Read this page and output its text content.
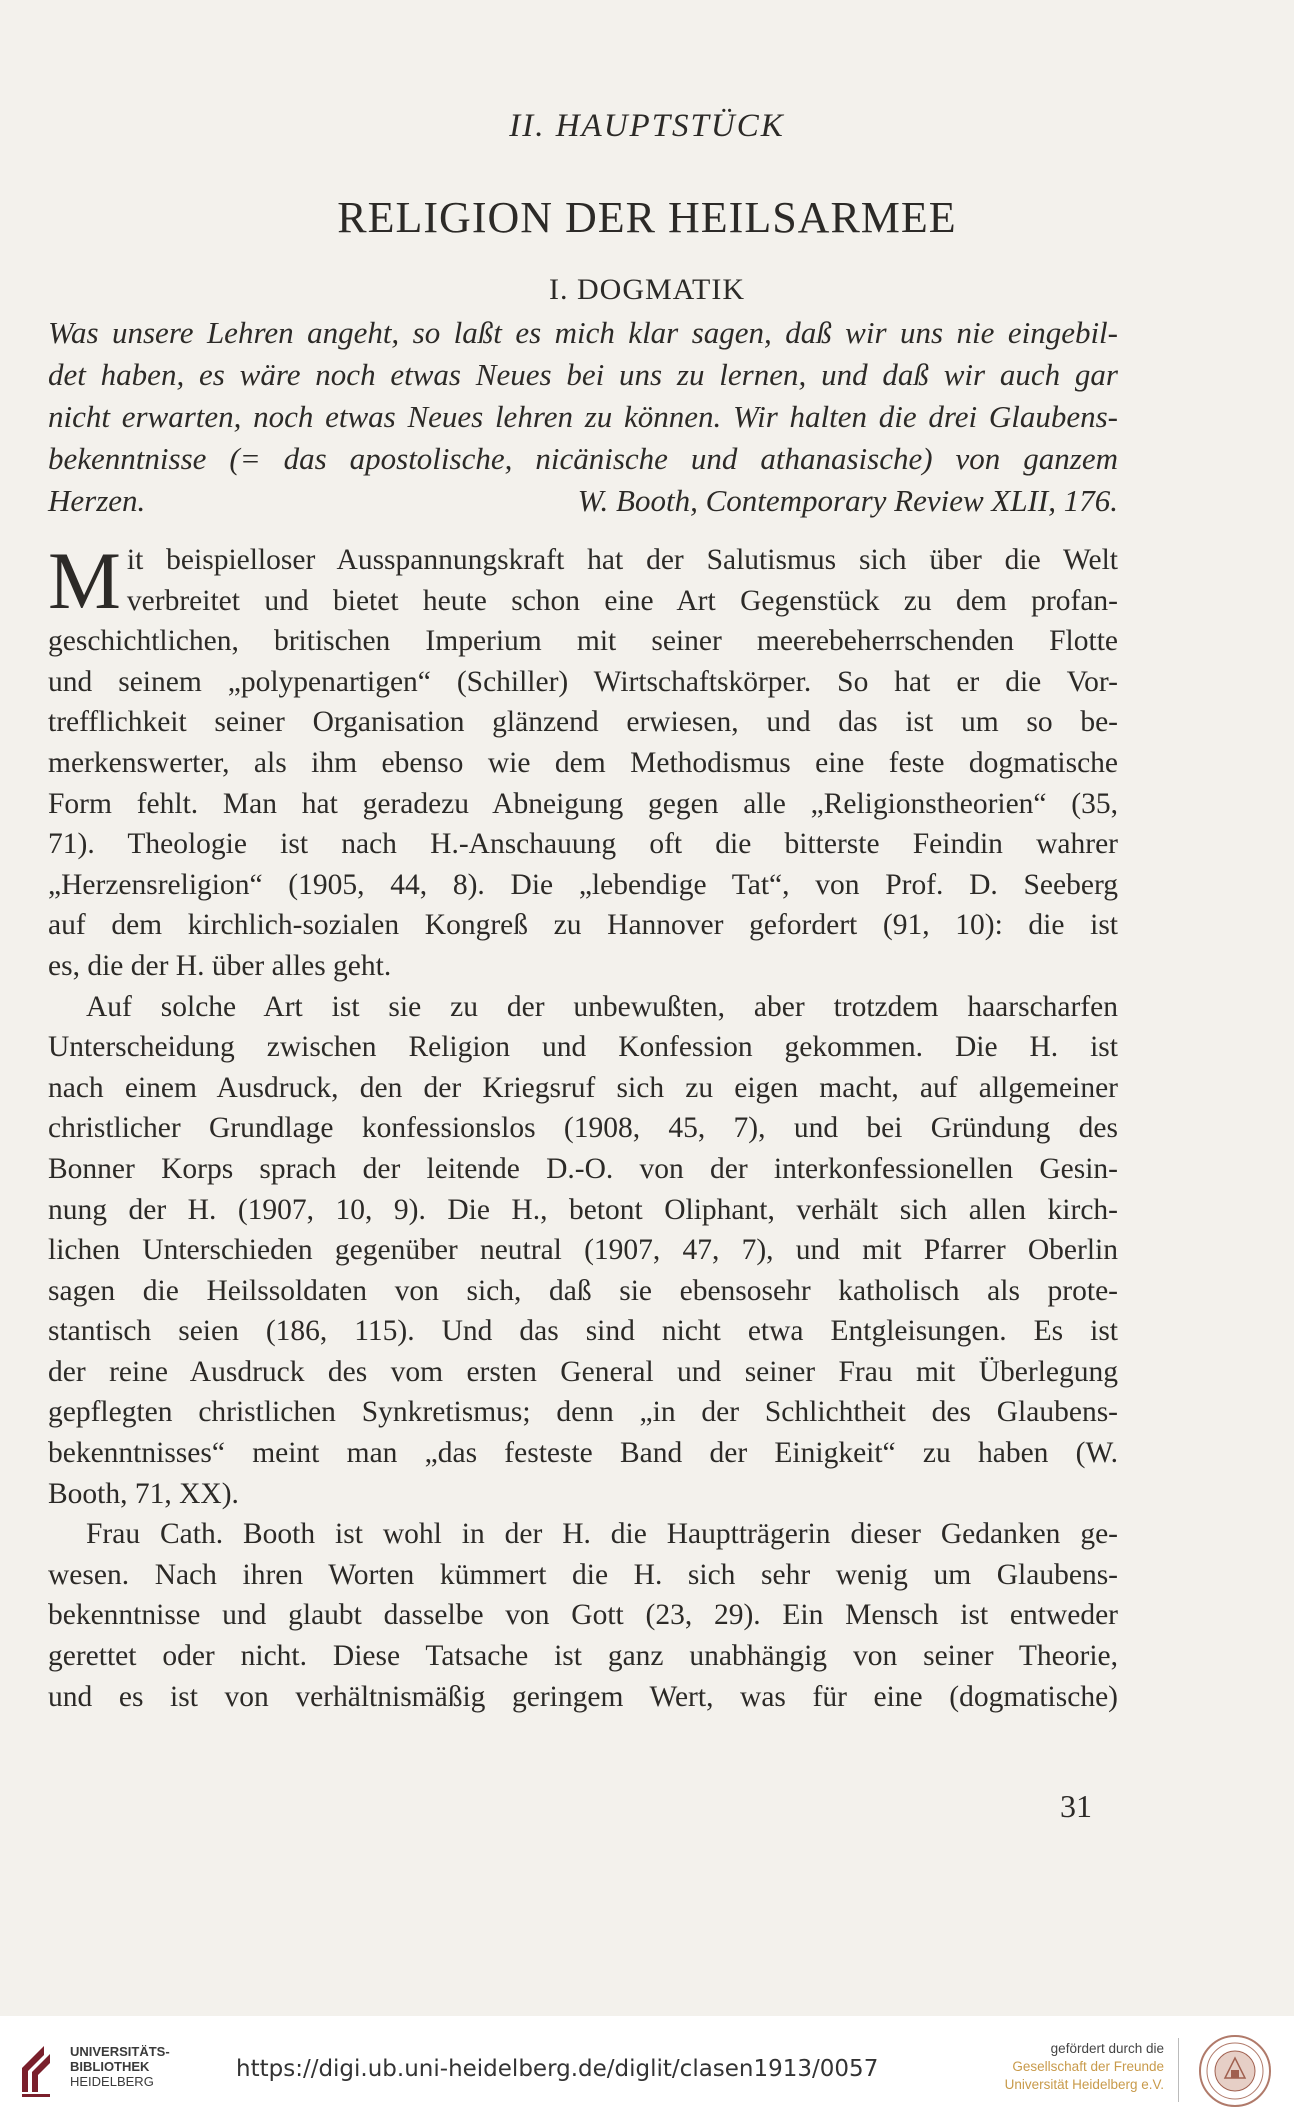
II. HAUPTSTÜCK
RELIGION DER HEILSARMEE
I. DOGMATIK
Was unsere Lehren angeht, so laßt es mich klar sagen, daß wir uns nie eingebil-
det haben, es wäre noch etwas Neues bei uns zu lernen, und daß wir auch gar
nicht erwarten, noch etwas Neues lehren zu können. Wir halten die drei Glaubens-
bekenntnisse (= das apostolische, nicänische und athanasische) von ganzem
Herzen.	W. Booth, Contemporary Review XLII, 176.
M it beispielloser Ausspannungskraft hat der Salutismus sich über die Welt
verbreitet und bietet heute schon eine Art Gegenstück zu dem profan-
geschichtlichen, britischen Imperium mit seiner meerebeherrschenden Flotte
und seinem „polypenartigen“ (Schiller) Wirtschaftskörper. So hat er die Vor-
trefflichkeit seiner Organisation glänzend erwiesen, und das ist um so be-
merkenswerter, als ihm ebenso wie dem Methodismus eine feste dogmatische
Form fehlt. Man hat geradezu Abneigung gegen alle „Religionstheorien“ (35,
71). Theologie ist nach H.-Anschauung oft die bitterste Feindin wahrer
„Herzensreligion“ (1905, 44, 8). Die „lebendige Tat“, von Prof. D. Seeberg
auf dem kirchlich-sozialen Kongreß zu Hannover gefordert (91, 10): die ist
es, die der H. über alles geht.
Auf solche Art ist sie zu der unbewußten, aber trotzdem haarscharfen
Unterscheidung zwischen Religion und Konfession gekommen. Die H. ist
nach einem Ausdruck, den der Kriegsruf sich zu eigen macht, auf allgemeiner
christlicher Grundlage konfessionslos (1908, 45, 7), und bei Gründung des
Bonner Korps sprach der leitende D.-O. von der interkonfessionellen Gesin-
nung der H. (1907, 10, 9). Die H., betont Oliphant, verhält sich allen kirch-
lichen Unterschieden gegenüber neutral (1907, 47, 7), und mit Pfarrer Oberlin
sagen die Heilssoldaten von sich, daß sie ebensosehr katholisch als prote-
stantisch seien (186, 115). Und das sind nicht etwa Entgleisungen. Es ist
der reine Ausdruck des vom ersten General und seiner Frau mit Überlegung
gepflegten christlichen Synkretismus; denn „in der Schlichtheit des Glaubens-
bekenntnisses“ meint man „das festeste Band der Einigkeit“ zu haben (W.
Booth, 71, XX).
Frau Cath. Booth ist wohl in der H. die Hauptträgerin dieser Gedanken ge-
wesen. Nach ihren Worten kümmert die H. sich sehr wenig um Glaubens-
bekenntnisse und glaubt dasselbe von Gott (23, 29). Ein Mensch ist entweder
gerettet oder nicht. Diese Tatsache ist ganz unabhängig von seiner Theorie,
und es ist von verhältnismäßig geringem Wert, was für eine (dogmatische)
31
UNIVERSITÄTS-
BIBLIOTHEK
HEIDELBERG	https://digi.ub.uni-heidelberg.de/diglit/clasen1913/0057
gefördert durch die
Gesellschaft der Freunde
Universität Heidelberg e.V.
